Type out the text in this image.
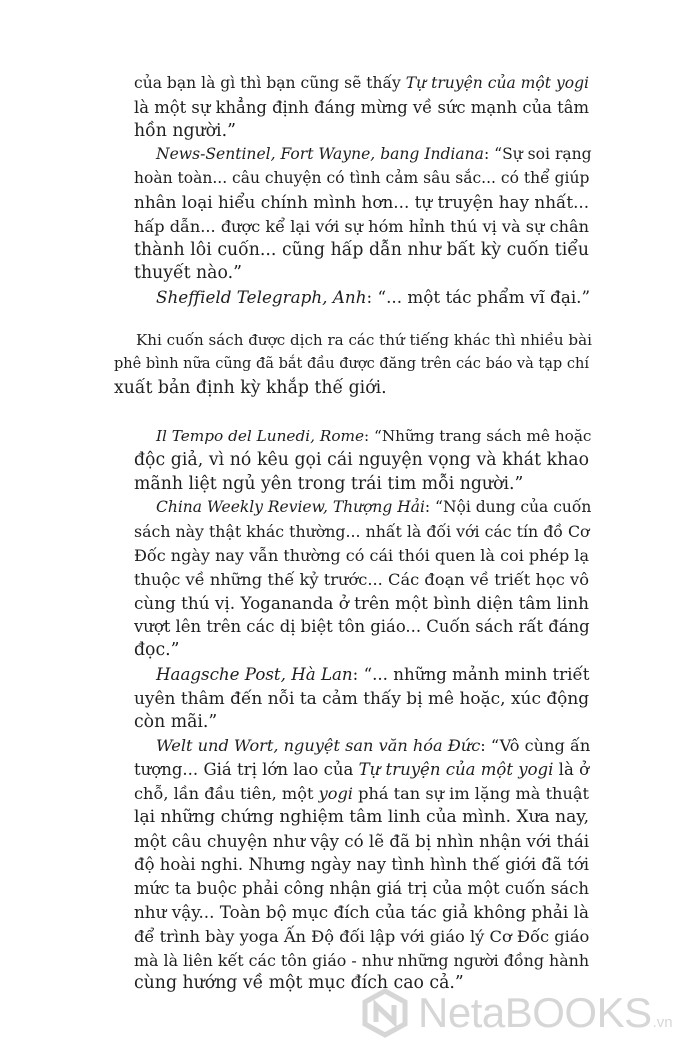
của bạn là gì thì bạn cũng sẽ thấy Tự truyện của một yogi
là một sự khẳng định đáng mừng về sức mạnh của tâm
hồn người.”
News-Sentinel, Fort Wayne, bang Indiana: “Sự soi rạng
hoàn toàn... câu chuyện có tình cảm sâu sắc... có thể giúp
nhân loại hiểu chính mình hơn... tự truyện hay nhất...
hấp dẫn... được kể lại với sự hóm hỉnh thú vị và sự chân
thành lôi cuốn... cũng hấp dẫn như bất kỳ cuốn tiểu
thuyết nào.”
Sheffield Telegraph, Anh: “... một tác phẩm vĩ đại.”
Khi cuốn sách được dịch ra các thứ tiếng khác thì nhiều bài
phê bình nữa cũng đã bắt đầu được đăng trên các báo và tạp chí
xuất bản định kỳ khắp thế giới.
Il Tempo del Lunedi, Rome: “Những trang sách mê hoặc
độc giả, vì nó kêu gọi cái nguyện vọng và khát khao
mãnh liệt ngủ yên trong trái tim mỗi người.”
China Weekly Review, Thượng Hải: “Nội dung của cuốn
sách này thật khác thường... nhất là đối với các tín đồ Cơ
Đốc ngày nay vẫn thường có cái thói quen là coi phép lạ
thuộc về những thế kỷ trước... Các đoạn về triết học vô
cùng thú vị. Yogananda ở trên một bình diện tâm linh
vượt lên trên các dị biệt tôn giáo... Cuốn sách rất đáng
đọc.”
Haagsche Post, Hà Lan: “... những mảnh minh triết
uyên thâm đến nỗi ta cảm thấy bị mê hoặc, xúc động
còn mãi.”
Welt und Wort, nguyệt san văn hóa Đức: “Vô cùng ấn
tượng... Giá trị lớn lao của Tự truyện của một yogi là ở
chỗ, lần đầu tiên, một yogi phá tan sự im lặng mà thuật
lại những chứng nghiệm tâm linh của mình. Xưa nay,
một câu chuyện như vậy có lẽ đã bị nhìn nhận với thái
độ hoài nghi. Nhưng ngày nay tình hình thế giới đã tới
mức ta buộc phải công nhận giá trị của một cuốn sách
như vậy... Toàn bộ mục đích của tác giả không phải là
để trình bày yoga Ấn Độ đối lập với giáo lý Cơ Đốc giáo
mà là liên kết các tôn giáo - như những người đồng hành
cùng hướng về một mục đích cao cả.”
NetaBOOKS .vn
